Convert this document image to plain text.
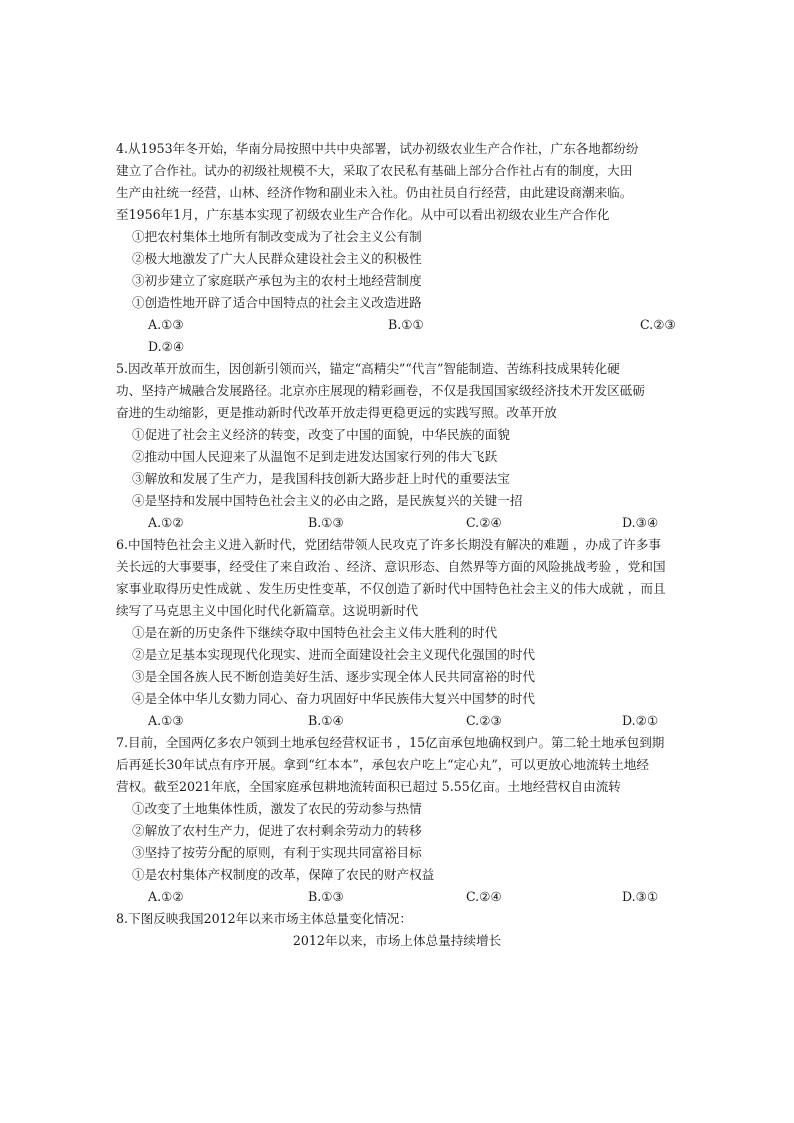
4.从1953年冬开始，华南分局按照中共中央部署，试办初级农业生产合作社，广东各地都纷纷
建立了合作社。试办的初级社规模不大，采取了农民私有基础上部分合作社占有的制度，大田
生产由社统一经营，山林、经济作物和副业未入社。仍由社员自行经营，由此建设商潮来临。
至1956年1月，广东基本实现了初级农业生产合作化。从中可以看出初级农业生产合作化
①把农村集体土地所有制改变成为了社会主义公有制
②极大地激发了广大人民群众建设社会主义的积极性
③初步建立了家庭联产承包为主的农村土地经营制度
①创造性地开辟了适合中国特点的社会主义改造进路
A.①③	B.①①	C.②③
D.②④
5.因改革开放而生，因创新引领而兴，锚定“高精尖”“代言”智能制造、苦练科技成果转化硬
功、坚持产城融合发展路径。北京亦庄展现的精彩画卷，不仅是我国国家级经济技术开发区砥砺
奋进的生动缩影，更是推动新时代改革开放走得更稳更远的实践写照。改革开放
①促进了社会主义经济的转变，改变了中国的面貌，中华民族的面貌
②推动中国人民迎来了从温饱不足到走进发达国家行列的伟大飞跃
③解放和发展了生产力，是我国科技创新大路步赶上时代的重要法宝
④是坚持和发展中国特色社会主义的必由之路，是民族复兴的关键一招
A.①②	B.①③	C.②④	D.③④
6.中国特色社会主义进入新时代，党团结带领人民攻克了许多长期没有解决的难题 ，办成了许多事
关长远的大事要事，经受住了来自政治 、经济、意识形态、自然界等方面的风险挑战考验 ，党和国
家事业取得历史性成就 、发生历史性变革，不仅创造了新时代中国特色社会主义的伟大成就 ，而且
续写了马克思主义中国化时代化新篇章。这说明新时代
①是在新的历史条件下继续夺取中国特色社会主义伟大胜利的时代
②是立足基本实现现代化现实、进而全面建设社会主义现代化强国的时代
③是全国各族人民不断创造美好生活、逐步实现全体人民共同富裕的时代
④是全体中华儿女勠力同心、奋力巩固好中华民族伟大复兴中国梦的时代
A.①③	B.①④	C.②③	D.②①
7.目前，全国两亿多农户领到土地承包经营权证书 ，15亿亩承包地确权到户。第二轮土地承包到期
后再延长30年试点有序开展。拿到“红本本”，承包农户吃上“定心丸”，可以更放心地流转土地经
营权。截至2021年底，全国家庭承包耕地流转面积已超过 5.55亿亩。土地经营权自由流转
①改变了土地集体性质，激发了农民的劳动参与热情
②解放了农村生产力，促进了农村剩余劳动力的转移
③坚持了按劳分配的原则，有利于实现共同富裕目标
①是农村集体产权制度的改革，保障了农民的财产权益
A.①②	B.①③	C.②④	D.③①
8.下图反映我国2012年以来市场主体总量变化情况：
2012年以来，市场上体总量持续增长
